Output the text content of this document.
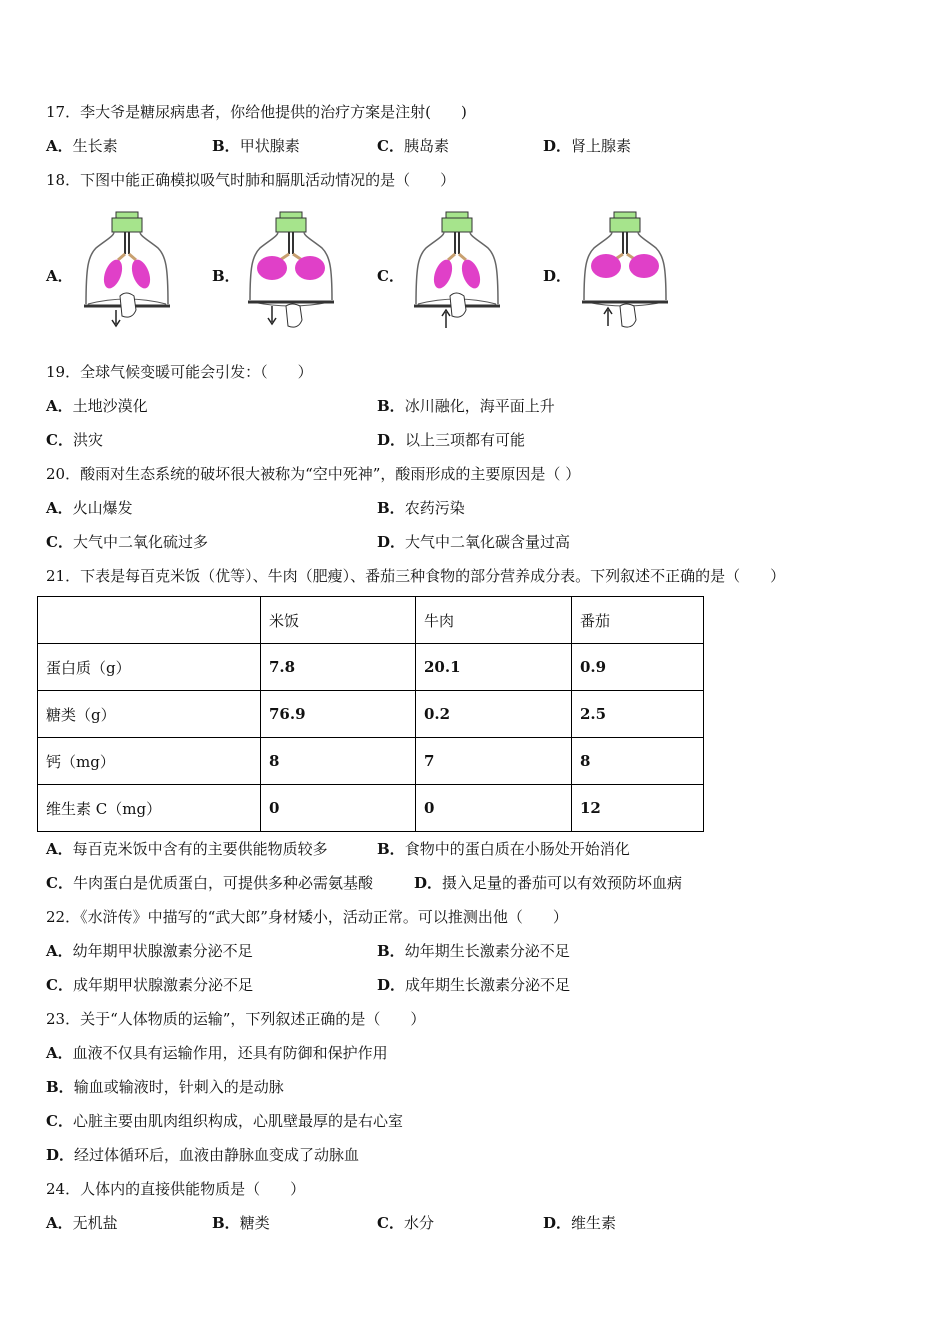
17．李大爷是糖尿病患者，你给他提供的治疗方案是注射(　　)
A．生长素	B．甲状腺素	C．胰岛素	D．肾上腺素
18．下图中能正确模拟吸气时肺和膈肌活动情况的是（　　）
A．	B．	C．	D．
19．全球气候变暖可能会引发：（　　）
A．土地沙漠化	B．冰川融化，海平面上升
C．洪灾	D．以上三项都有可能
20．酸雨对生态系统的破坏很大被称为“空中死神”，酸雨形成的主要原因是（ ）
A．火山爆发	B．农药污染
C．大气中二氧化硫过多	D．大气中二氧化碳含量过高
21．下表是每百克米饭（优等）、牛肉（肥瘦）、番茄三种食物的部分营养成分表。下列叙述不正确的是（　　）
	米饭	牛肉	番茄
蛋白质（g）	7.8	20.1	0.9
糖类（g）	76.9	0.2	2.5
钙（mg）	8	7	8
维生素 C（mg）	0	0	12
A．每百克米饭中含有的主要供能物质较多	B．食物中的蛋白质在小肠处开始消化
C．牛肉蛋白是优质蛋白，可提供多种必需氨基酸	D．摄入足量的番茄可以有效预防坏血病
22．《水浒传》中描写的“武大郎”身材矮小，活动正常。可以推测出他（　　）
A．幼年期甲状腺激素分泌不足	B．幼年期生长激素分泌不足
C．成年期甲状腺激素分泌不足	D．成年期生长激素分泌不足
23．关于“人体物质的运输”，下列叙述正确的是（　　）
A．血液不仅具有运输作用，还具有防御和保护作用
B．输血或输液时，针刺入的是动脉
C．心脏主要由肌肉组织构成，心肌壁最厚的是右心室
D．经过体循环后，血液由静脉血变成了动脉血
24．人体内的直接供能物质是（　　）
A．无机盐	B．糖类	C．水分	D．维生素
